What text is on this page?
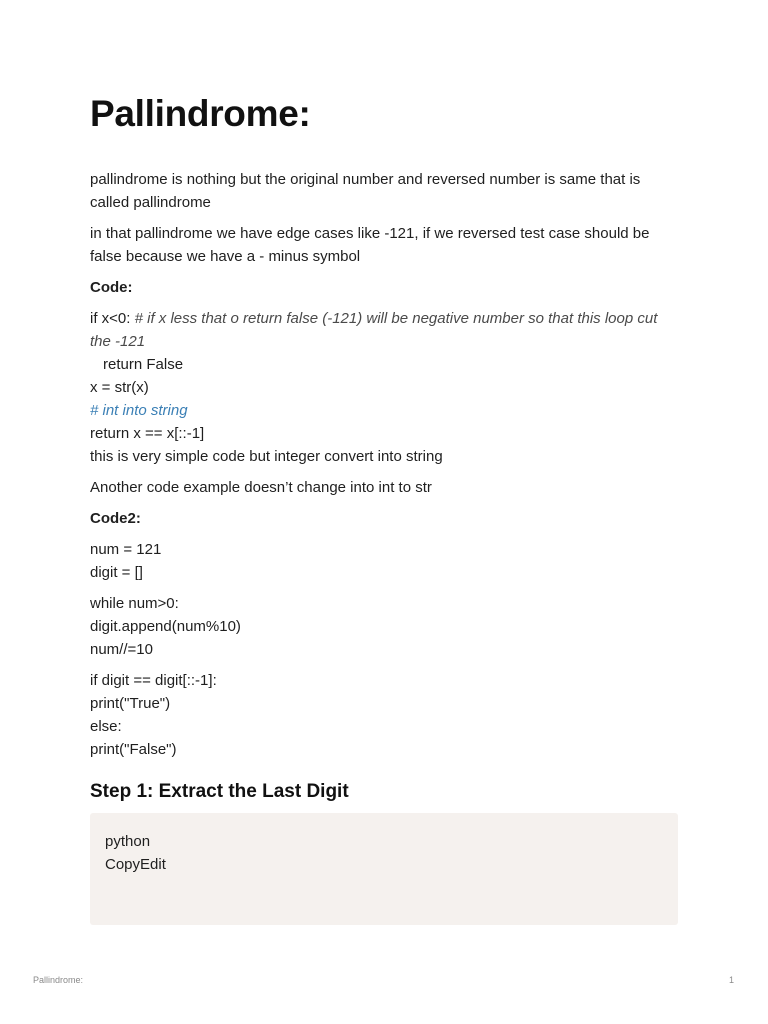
Pallindrome:

pallindrome is nothing but the original number and reversed number is same that is called pallindrome

in that pallindrome we have edge cases like -121, if we reversed test case should be false because we have a - minus symbol

Code:

if x<0: # if x less that o return false (-121) will be negative number so that this loop cut the -121

return False

x = str(x)

# int into string

return x == x[::-1]

this is very simple code but integer convert into string

Another code example doesn’t change into int to str

Code2:

num = 121

digit = []

while num>0:

digit.append(num%10)

num//=10

if digit == digit[::-1]:

print("True")

else:

print("False")

Step 1: Extract the Last Digit

python

CopyEdit

Pallindrome:	1
